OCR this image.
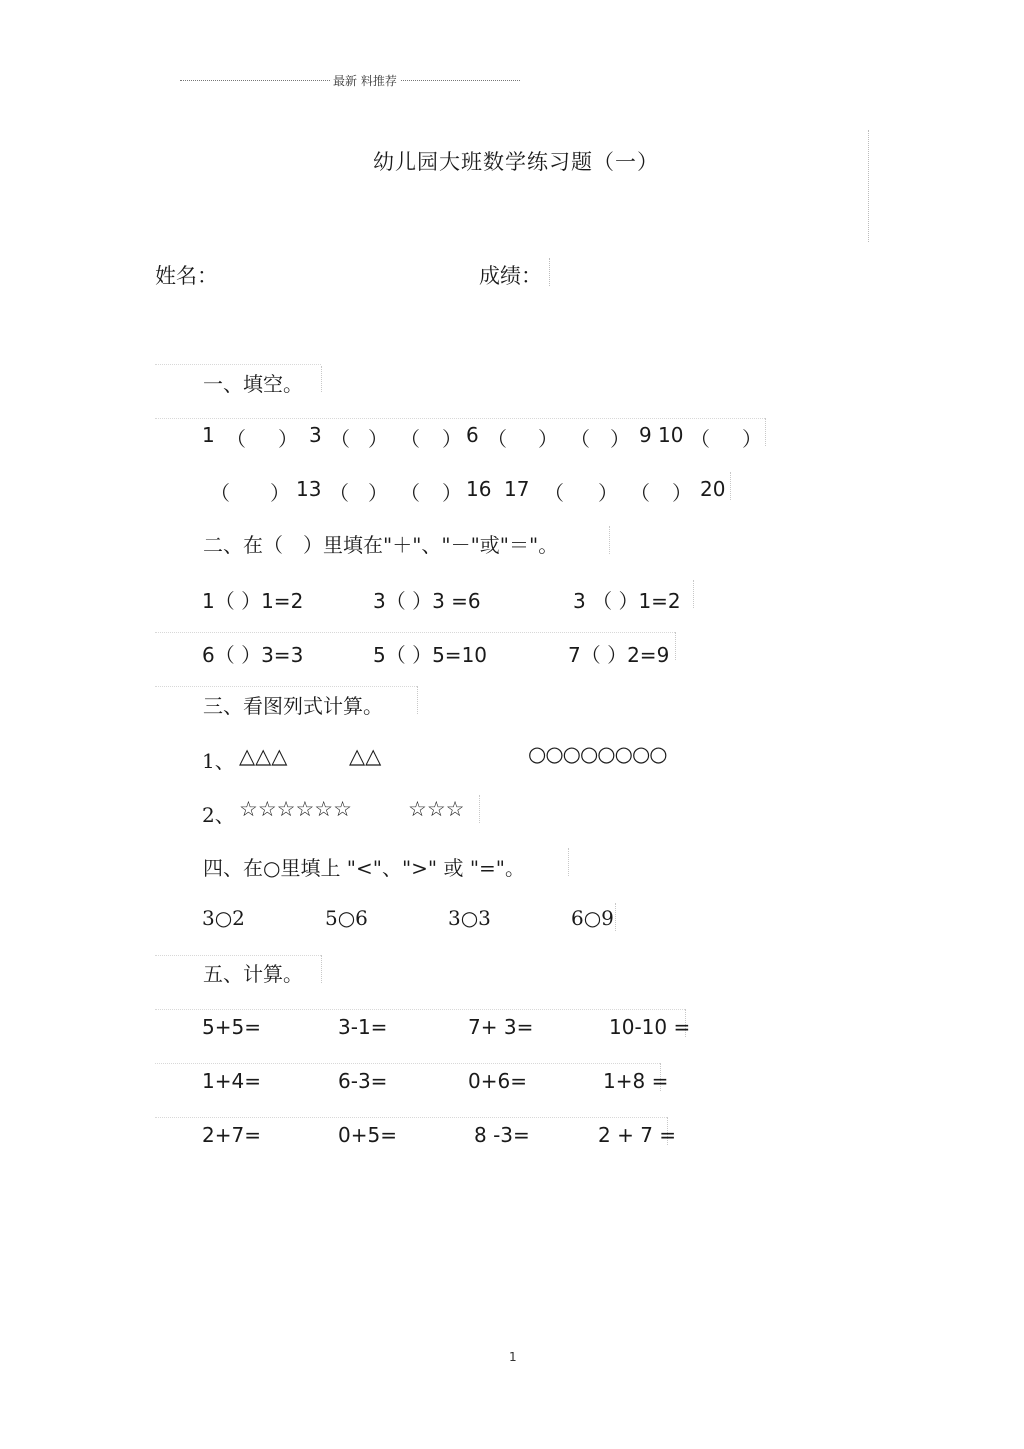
最新 料推荐
幼儿园大班数学练习题（一）
姓名：	成绩：
一、填空。
1 （ ） 3 （ ） （ ） 6 （ ） （ ） 9 10 （ ）
（ ） 13 （ ） （ ） 16 17 （ ） （ ） 20
二、在（　）里填在"＋"、"－"或"＝"。
1（ ）1=2	3（ ）3 =6	3 （ ）1=2
6（ ）3=3	5（ ）5=10	7（ ）2=9
三、看图列式计算。
1、 △△△	△△	○○○○○○○○
2、 ☆☆☆☆☆☆	☆☆☆
四、在○里填上 "<"、">" 或 "="。
3○2	5○6	3○3	6○9
五、计算。
5+5=	3-1=	7+ 3=	10-10 =
1+4=	6-3=	0+6=	1+8 =
2+7=	0+5=	8 -3=	2 + 7 =
1
